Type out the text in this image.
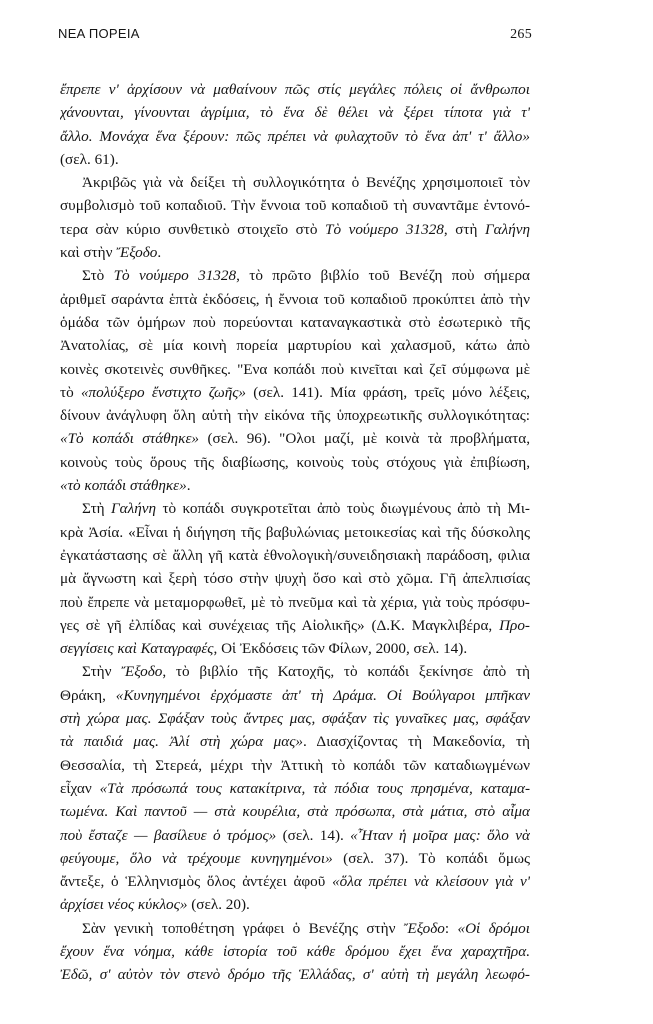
ΝΕΑ ΠΟΡΕΙΑ	265
ἔπρεπε ν' ἀρχίσουν νὰ μαθαίνουν πῶς στίς μεγάλες πόλεις οἱ ἄνθρωποι
χάνουνται, γίνουνται ἀγρίμια, τὸ ἕνα δὲ θέλει νὰ ξέρει τίποτα γιὰ τ'
ἄλλο. Μονάχα ἕνα ξέρουν: πῶς πρέπει νὰ φυλαχτοῦν τὸ ἕνα ἀπ' τ' ἄλλο»
(σελ. 61).
Ἀκριβῶς γιὰ νὰ δείξει τὴ συλλογικότητα ὁ Βενέζης χρησιμοποιεῖ τὸν
συμβολισμὸ τοῦ κοπαδιοῦ. Τὴν ἔννοια τοῦ κοπαδιοῦ τὴ συναντᾶμε ἐντονό-
τερα σὰν κύριο συνθετικὸ στοιχεῖο στὸ Τὸ νούμερο 31328, στὴ Γαλήνη
καὶ στὴν Ἔξοδο.
Στὸ Τὸ νούμερο 31328, τὸ πρῶτο βιβλίο τοῦ Βενέζη ποὺ σήμερα
ἀριθμεῖ σαράντα ἑπτὰ ἐκδόσεις, ἡ ἔννοια τοῦ κοπαδιοῦ προκύπτει ἀπὸ τὴν
ὁμάδα τῶν ὁμήρων ποὺ πορεύονται καταναγκαστικὰ στὸ ἐσωτερικὸ τῆς
Ἀνατολίας, σὲ μία κοινὴ πορεία μαρτυρίου καὶ χαλασμοῦ, κάτω ἀπὸ
κοινὲς σκοτεινὲς συνθῆκες. "Ενα κοπάδι ποὺ κινεῖται καὶ ζεῖ σύμφωνα μὲ
τὸ «πολύξερο ἔνστιχτο ζωῆς» (σελ. 141). Μία φράση, τρεῖς μόνο λέξεις,
δίνουν ἀνάγλυφη ὅλη αὐτὴ τὴν εἰκόνα τῆς ὑποχρεωτικῆς συλλογικότητας:
«Τὸ κοπάδι στάθηκε» (σελ. 96). "Ολοι μαζί, μὲ κοινὰ τὰ προβλήματα,
κοινοὺς τοὺς ὅρους τῆς διαβίωσης, κοινοὺς τοὺς στόχους γιὰ ἐπιβίωση,
«τὸ κοπάδι στάθηκε».
Στὴ Γαλήνη τὸ κοπάδι συγκροτεῖται ἀπὸ τοὺς διωγμένους ἀπὸ τὴ Μι-
κρὰ Ἀσία. «Εἶναι ἡ διήγηση τῆς βαβυλώνιας μετοικεσίας καὶ τῆς δύσκολης
ἐγκατάστασης σὲ ἄλλη γῆ κατὰ ἐθνολογικὴ/συνειδησιακὴ παράδοση, φιλια
μὰ ἄγνωστη καὶ ξερὴ τόσο στὴν ψυχὴ ὅσο καὶ στὸ χῶμα. Γῆ ἀπελπισίας
ποὺ ἔπρεπε νὰ μεταμορφωθεῖ, μὲ τὸ πνεῦμα καὶ τὰ χέρια, γιὰ τοὺς πρόσφυ-
γες σὲ γῆ ἐλπίδας καὶ συνέχειας τῆς Αἰολικῆς» (Δ.Κ. Μαγκλιβέρα, Προ-
σεγγίσεις καὶ Καταγραφές, Οἱ Ἐκδόσεις τῶν Φίλων, 2000, σελ. 14).
Στὴν Ἔξοδο, τὸ βιβλίο τῆς Κατοχῆς, τὸ κοπάδι ξεκίνησε ἀπὸ τὴ
Θράκη, «Κυνηγημένοι ἐρχόμαστε ἀπ' τὴ Δράμα. Οἱ Βούλγαροι μπῆκαν
στὴ χώρα μας. Σφάξαν τοὺς ἄντρες μας, σφάξαν τὶς γυναῖκες μας, σφάξαν
τὰ παιδιά μας. Ἀλί στὴ χώρα μας». Διασχίζοντας τὴ Μακεδονία, τὴ
Θεσσαλία, τὴ Στερεά, μέχρι τὴν Ἀττικὴ τὸ κοπάδι τῶν καταδιωγμένων
εἶχαν «Τὰ πρόσωπά τους κατακίτρινα, τὰ πόδια τους πρησμένα, καταμα-
τωμένα. Καὶ παντοῦ — στὰ κουρέλια, στὰ πρόσωπα, στὰ μάτια, στὸ αἷμα
ποὺ ἔσταζε — βασίλευε ὁ τρόμος» (σελ. 14). «Ἦταν ἡ μοῖρα μας: ὅλο νὰ
φεύγουμε, ὅλο νὰ τρέχουμε κυνηγημένοι» (σελ. 37). Τὸ κοπάδι ὅμως
ἄντεξε, ὁ Ἑλληνισμὸς ὅλος ἀντέχει ἀφοῦ «ὅλα πρέπει νὰ κλείσουν γιὰ ν'
ἀρχίσει νέος κύκλος» (σελ. 20).
Σὰν γενικὴ τοποθέτηση γράφει ὁ Βενέζης στὴν Ἔξοδο: «Οἱ δρόμοι
ἔχουν ἕνα νόημα, κάθε ἱστορία τοῦ κάθε δρόμου ἔχει ἕνα χαραχτῆρα.
Ἐδῶ, σ' αὐτὸν τὸν στενὸ δρόμο τῆς Ἑλλάδας, σ' αὐτὴ τὴ μεγάλη λεωφό-
